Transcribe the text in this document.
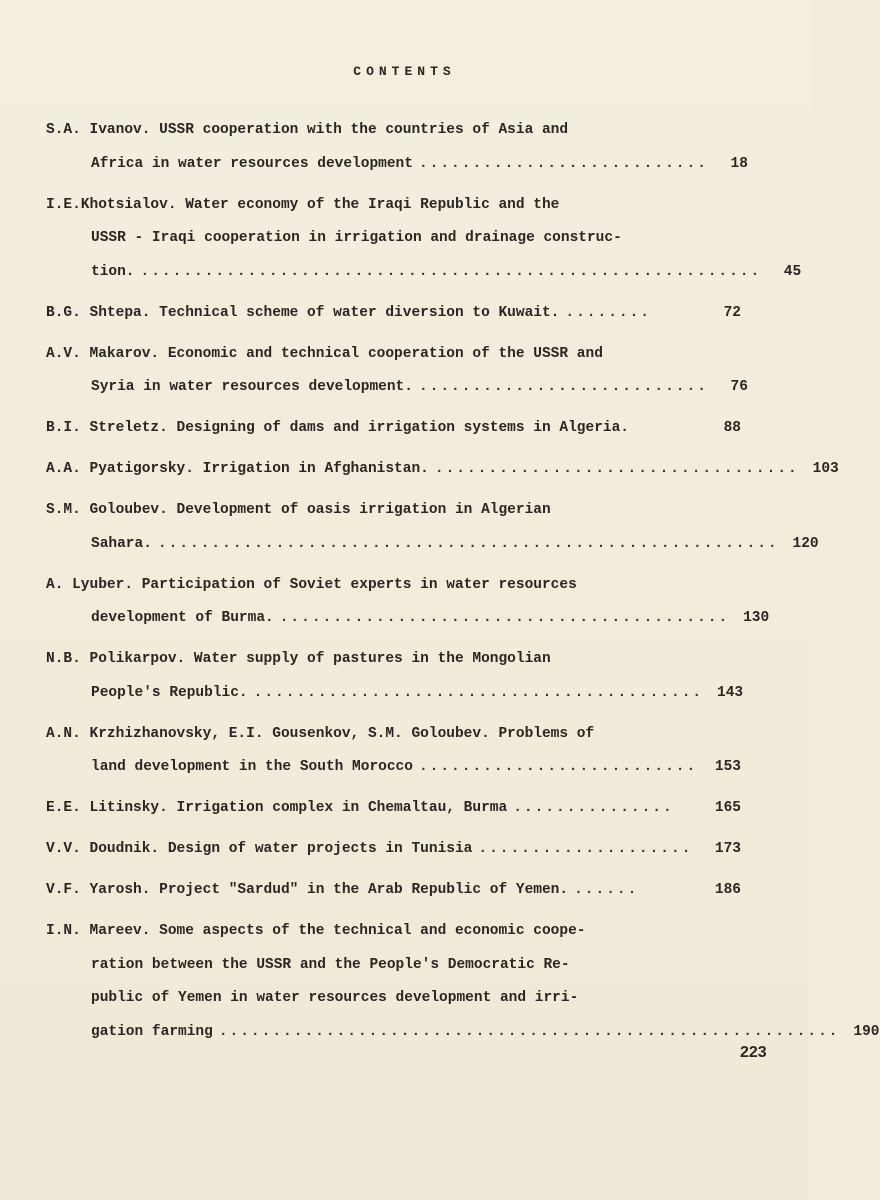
CONTENTS
S.A. Ivanov. USSR cooperation with the countries of Asia and
Africa in water resources development ...........................	18
I.E.Khotsialov. Water economy of the Iraqi Republic and the
USSR - Iraqi cooperation in irrigation and drainage construc-
tion. ..........................................................	45
B.G. Shtepa. Technical scheme of water diversion to Kuwait. ........	72
A.V. Makarov. Economic and technical cooperation of the USSR and
Syria in water resources development. ...........................	76
B.I. Streletz. Designing of dams and irrigation systems in Algeria.	88
A.A. Pyatigorsky. Irrigation in Afghanistan. .................................. 103
S.M. Goloubev. Development of oasis irrigation in Algerian
Sahara. .......................................................... 120
A. Lyuber. Participation of Soviet experts in water resources
development of Burma. .......................................... 130
N.B. Polikarpov. Water supply of pastures in the Mongolian
People's Republic. .......................................... 143
A.N. Krzhizhanovsky, E.I. Gousenkov, S.M. Goloubev. Problems of
land development in the South Morocco ..........................	153
E.E. Litinsky. Irrigation complex in Chemaltau, Burma ...............	165
V.V. Doudnik. Design of water projects in Tunisia ....................	173
V.F. Yarosh. Project "Sardud" in the Arab Republic of Yemen. ......	186
I.N. Mareev. Some aspects of the technical and economic coope-
ration between the USSR and the People's Democratic Re-
public of Yemen in water resources development and irri-
gation farming .......................................................... 190
223
